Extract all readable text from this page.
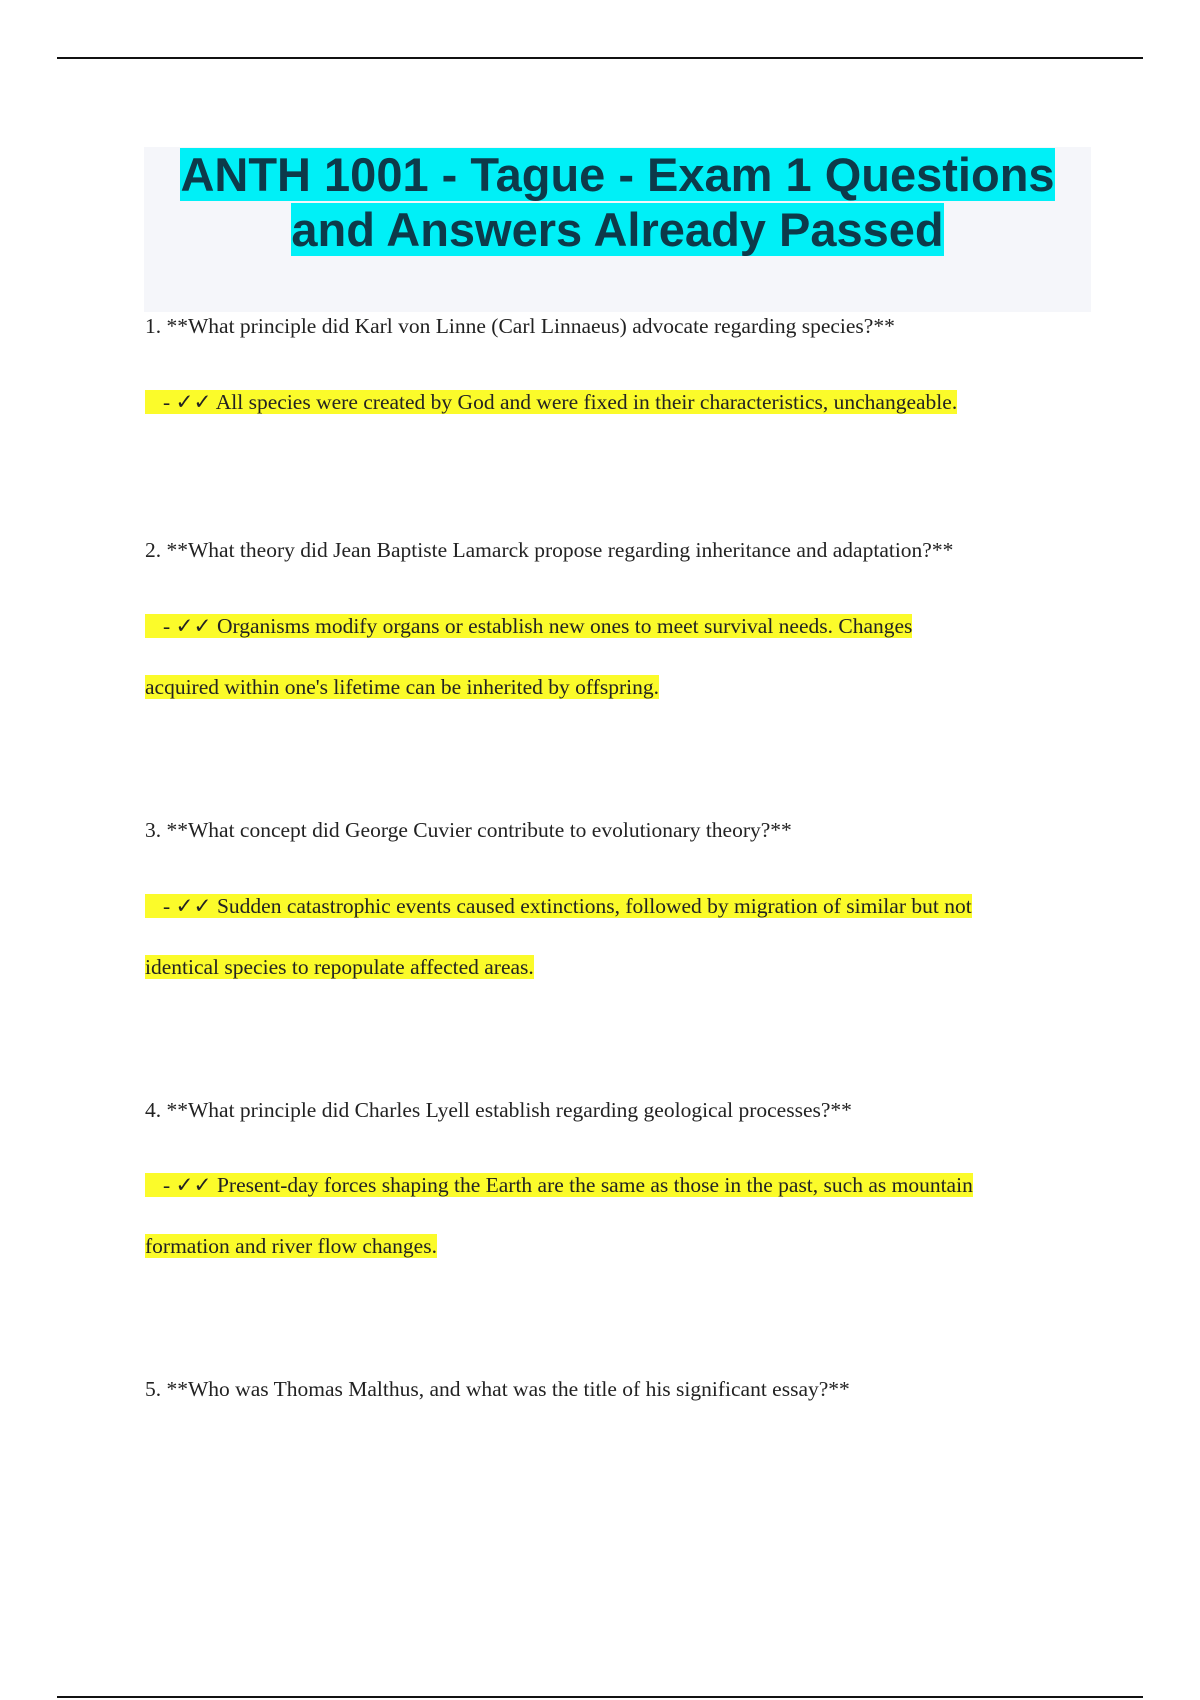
ANTH 1001 - Tague - Exam 1 Questions
and Answers Already Passed
1. **What principle did Karl von Linne (Carl Linnaeus) advocate regarding species?**
- ✓✓ All species were created by God and were fixed in their characteristics, unchangeable.
2. **What theory did Jean Baptiste Lamarck propose regarding inheritance and adaptation?**
- ✓✓ Organisms modify organs or establish new ones to meet survival needs. Changes
acquired within one's lifetime can be inherited by offspring.
3. **What concept did George Cuvier contribute to evolutionary theory?**
- ✓✓ Sudden catastrophic events caused extinctions, followed by migration of similar but not
identical species to repopulate affected areas.
4. **What principle did Charles Lyell establish regarding geological processes?**
- ✓✓ Present-day forces shaping the Earth are the same as those in the past, such as mountain
formation and river flow changes.
5. **Who was Thomas Malthus, and what was the title of his significant essay?**
